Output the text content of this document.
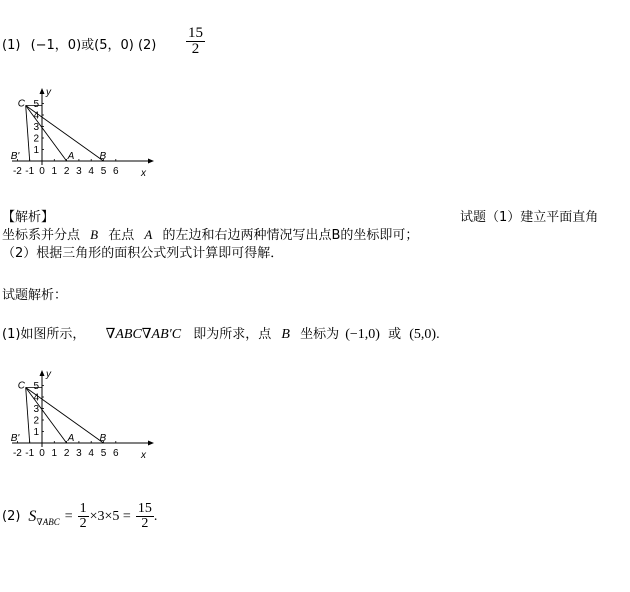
(1) (−1，0)或(5，0) $(2) \frac{15}{2}$
x
y
-2 -1 0 1 2 3 4 5 6
1
2
3
4
5
C
A	B
B'
【解析】	试题（1）建立平面直角
坐标系并分点 B 在点 A 的左边和右边两种情况写出点B的坐标即可；
（2）根据三角形的面积公式列式计算即可得解．
试题解析：
(1)如图所示， ∇ABC∇AB′C 即为所求，点 B 坐标为 (−1,0) 或 (5,0).
x
y
-2 -1 0 1 2 3 4 5 6
1
2
3
4
5
C
A	B
B'
(2) S $\nabla ABC = \frac{1}{2} \times 3\times 5 = \frac{15}{2}$ .
